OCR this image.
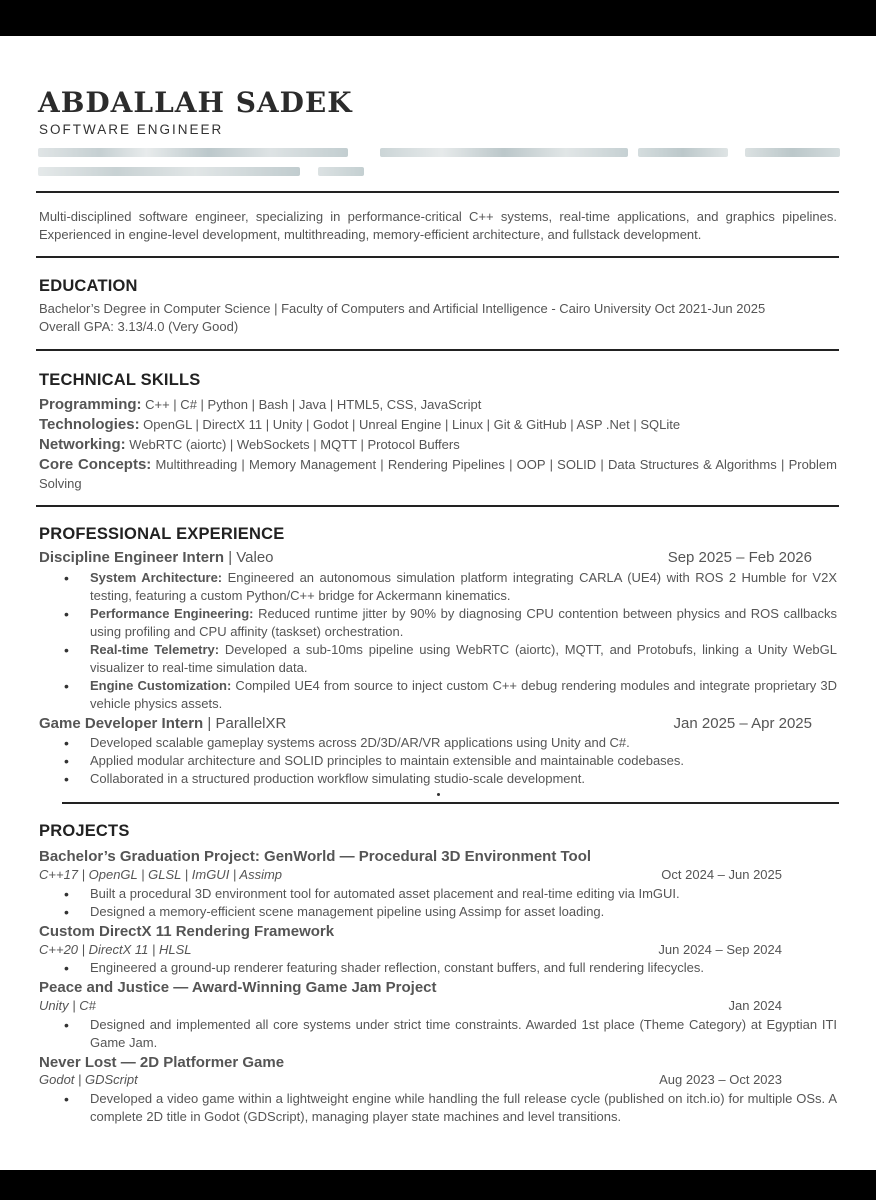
ABDALLAH SADEK
SOFTWARE ENGINEER
Multi-disciplined software engineer, specializing in performance-critical C++ systems, real-time applications, and graphics pipelines. Experienced in engine-level development, multithreading, memory-efficient architecture, and fullstack development.
EDUCATION
Bachelor’s Degree in Computer Science | Faculty of Computers and Artificial Intelligence - Cairo University Oct 2021-Jun 2025
Overall GPA: 3.13/4.0 (Very Good)
TECHNICAL SKILLS
Programming: C++ | C# | Python | Bash | Java | HTML5, CSS, JavaScript
Technologies: OpenGL | DirectX 11 | Unity | Godot | Unreal Engine | Linux | Git & GitHub | ASP .Net | SQLite
Networking: WebRTC (aiortc) | WebSockets | MQTT | Protocol Buffers
Core Concepts: Multithreading | Memory Management | Rendering Pipelines | OOP | SOLID | Data Structures & Algorithms | Problem Solving
PROFESSIONAL EXPERIENCE
Discipline Engineer Intern | Valeo	Sep 2025 – Feb 2026
• System Architecture: Engineered an autonomous simulation platform integrating CARLA (UE4) with ROS 2 Humble for V2X testing, featuring a custom Python/C++ bridge for Ackermann kinematics.
• Performance Engineering: Reduced runtime jitter by 90% by diagnosing CPU contention between physics and ROS callbacks using profiling and CPU affinity (taskset) orchestration.
• Real-time Telemetry: Developed a sub-10ms pipeline using WebRTC (aiortc), MQTT, and Protobufs, linking a Unity WebGL visualizer to real-time simulation data.
• Engine Customization: Compiled UE4 from source to inject custom C++ debug rendering modules and integrate proprietary 3D vehicle physics assets.
Game Developer Intern | ParallelXR	Jan 2025 – Apr 2025
• Developed scalable gameplay systems across 2D/3D/AR/VR applications using Unity and C#.
• Applied modular architecture and SOLID principles to maintain extensible and maintainable codebases.
• Collaborated in a structured production workflow simulating studio-scale development.
PROJECTS
Bachelor’s Graduation Project: GenWorld — Procedural 3D Environment Tool
C++17 | OpenGL | GLSL | ImGUI | Assimp	Oct 2024 – Jun 2025
• Built a procedural 3D environment tool for automated asset placement and real-time editing via ImGUI.
• Designed a memory-efficient scene management pipeline using Assimp for asset loading.
Custom DirectX 11 Rendering Framework
C++20 | DirectX 11 | HLSL	Jun 2024 – Sep 2024
• Engineered a ground-up renderer featuring shader reflection, constant buffers, and full rendering lifecycles.
Peace and Justice — Award-Winning Game Jam Project
Unity | C#	Jan 2024
• Designed and implemented all core systems under strict time constraints. Awarded 1st place (Theme Category) at Egyptian ITI Game Jam.
Never Lost — 2D Platformer Game
Godot | GDScript	Aug 2023 – Oct 2023
• Developed a video game within a lightweight engine while handling the full release cycle (published on itch.io) for multiple OSs. A complete 2D title in Godot (GDScript), managing player state machines and level transitions.
